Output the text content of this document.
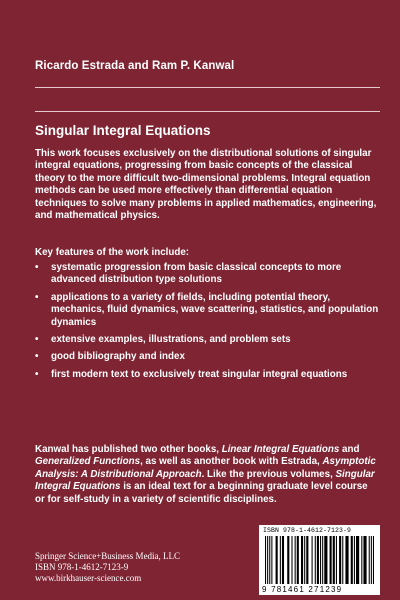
Ricardo Estrada and Ram P. Kanwal
Singular Integral Equations
This work focuses exclusively on the distributional solutions of singular integral equations, progressing from basic concepts of the classical theory to the more difficult two-dimensional problems. Integral equation methods can be used more effectively than differential equation techniques to solve many problems in applied mathematics, engineering, and mathematical physics.
Key features of the work include:
• systematic progression from basic classical concepts to more advanced distribution type solutions
• applications to a variety of fields, including potential theory, mechanics, fluid dynamics, wave scattering, statistics, and population dynamics
• extensive examples, illustrations, and problem sets
• good bibliography and index
• first modern text to exclusively treat singular integral equations
Kanwal has published two other books, Linear Integral Equations and Generalized Functions, as well as another book with Estrada, Asymptotic Analysis: A Distributional Approach. Like the previous volumes, Singular Integral Equations is an ideal text for a beginning graduate level course or for self-study in a variety of scientific disciplines.
Springer Science+Business Media, LLC
ISBN 978-1-4612-7123-9
www.birkhauser-science.com
ISBN 978-1-4612-7123-9
9 781461 271239
